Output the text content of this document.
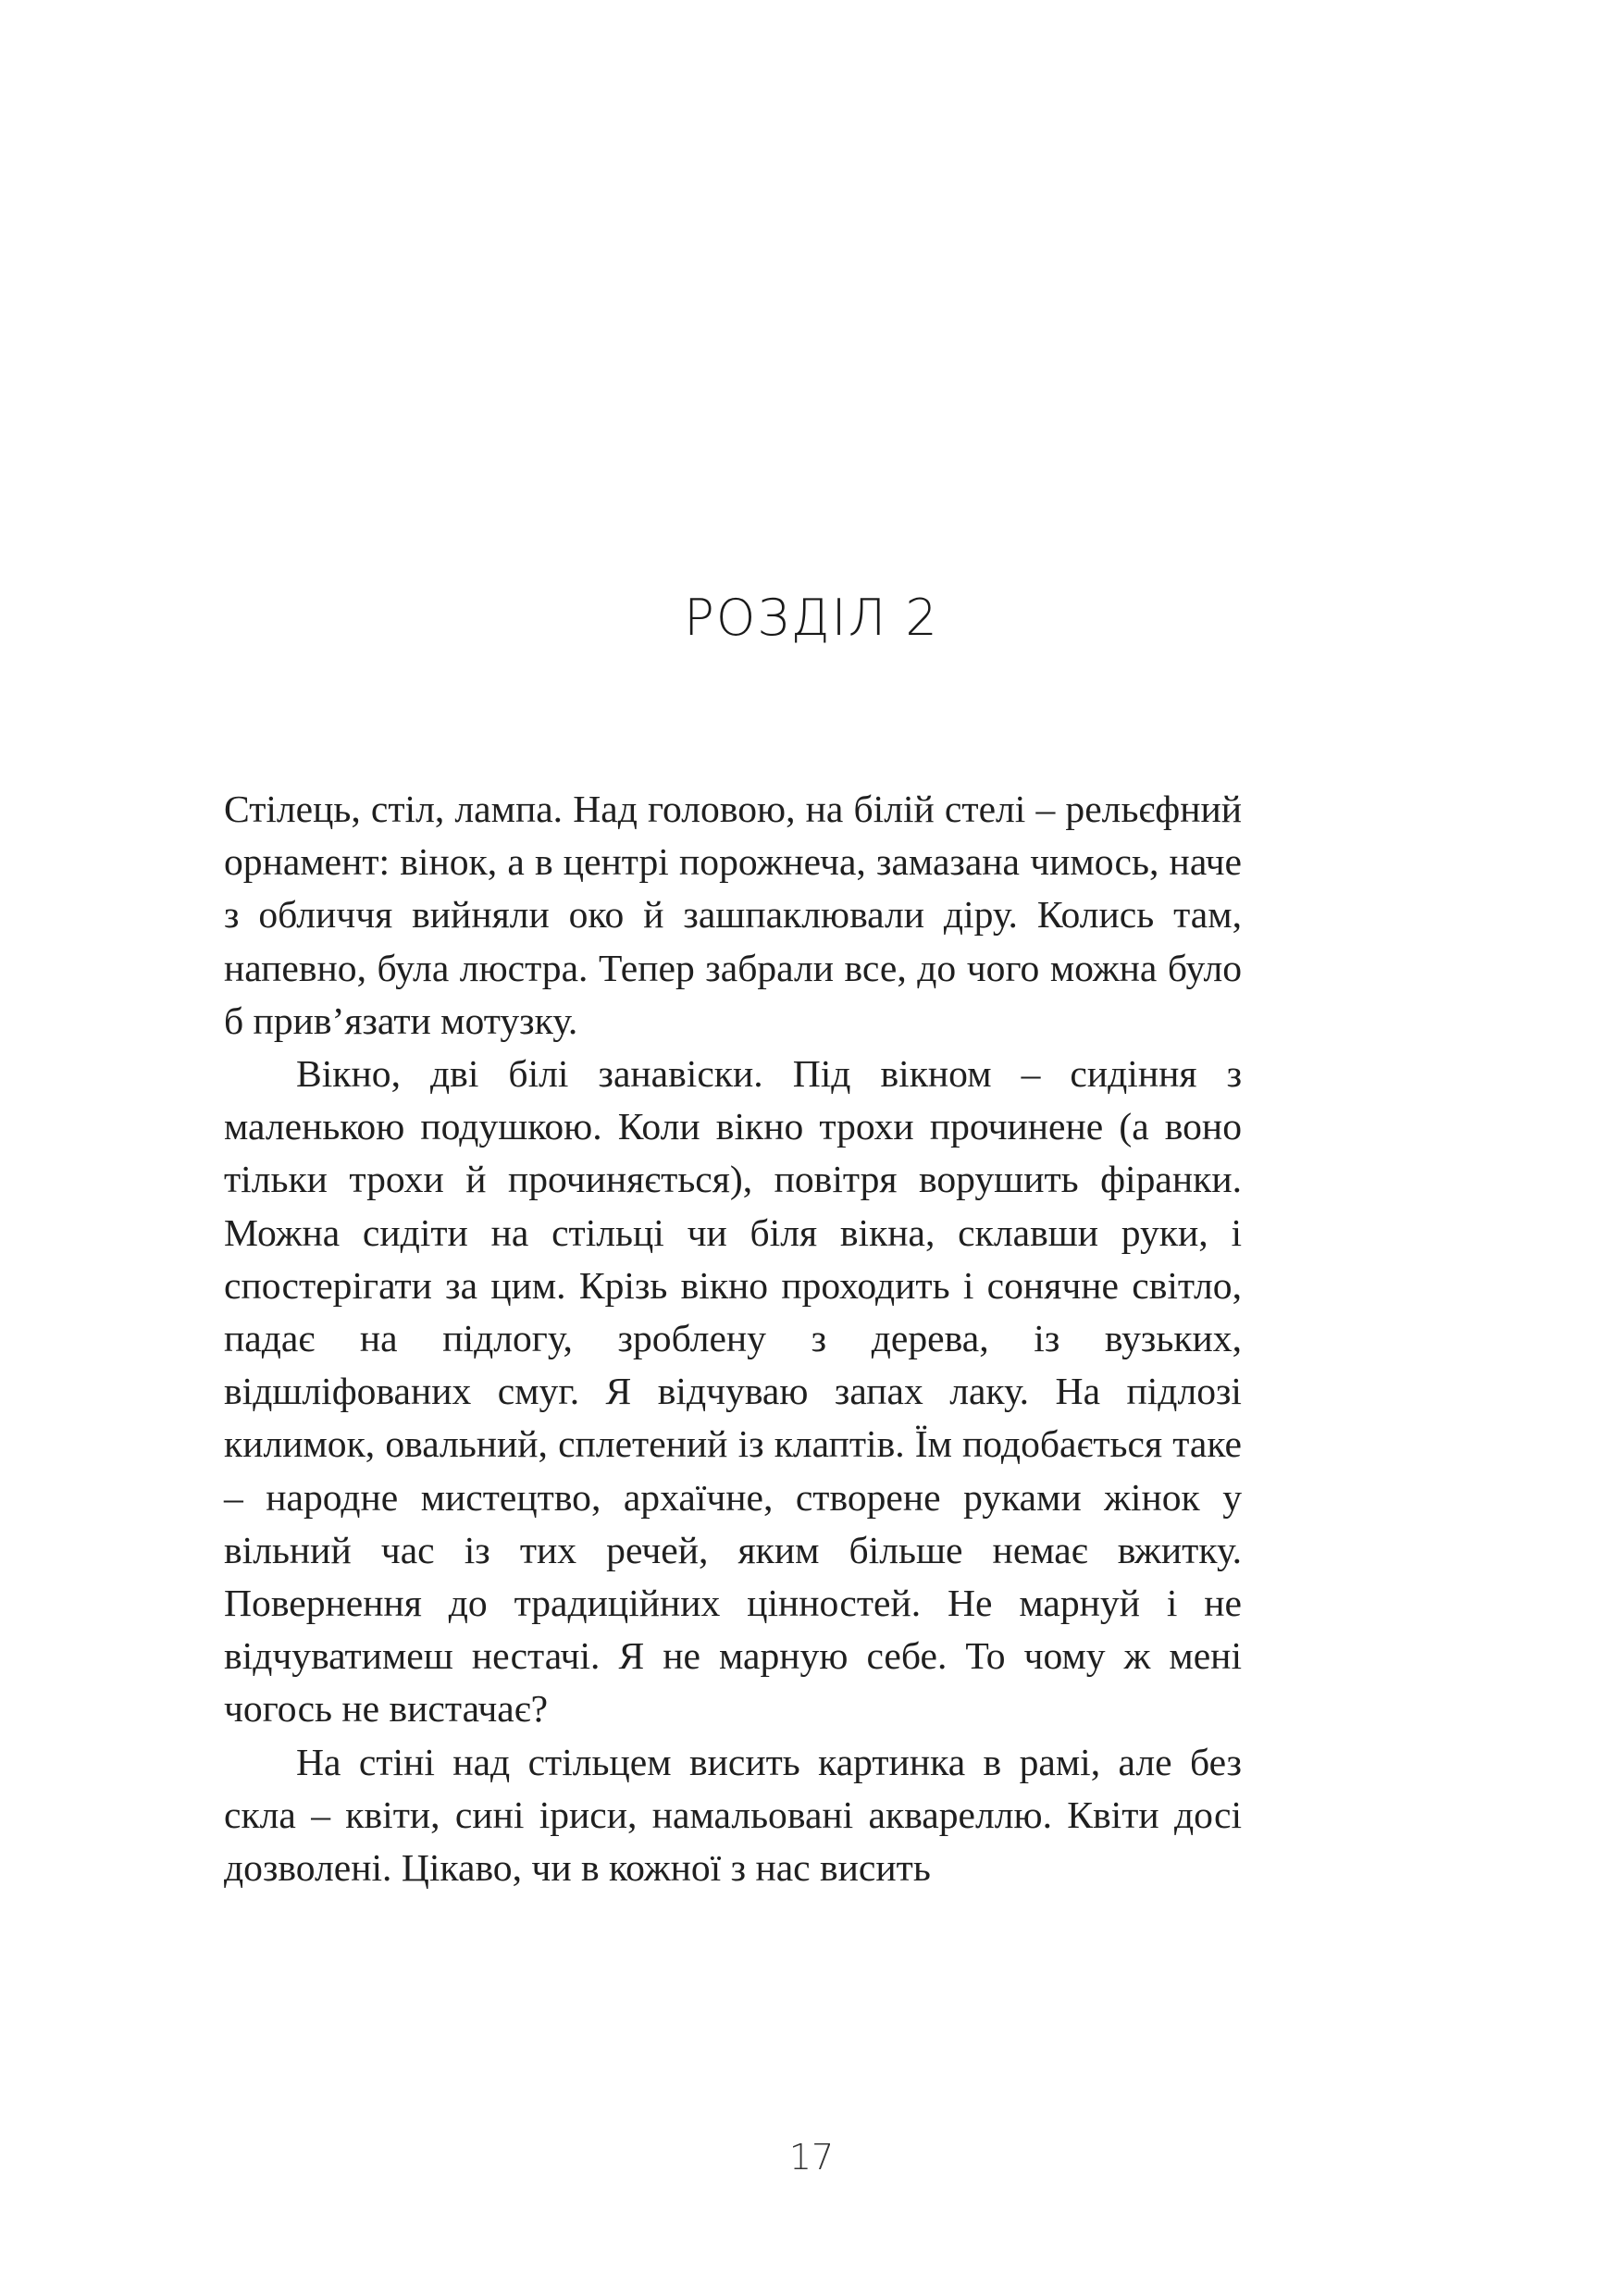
РОЗДІЛ 2

Стілець, стіл, лампа. Над головою, на білій стелі – рельєфний орнамент: вінок, а в центрі порожнеча, замазана чимось, наче з обличчя вийняли око й зашпаклювали діру. Колись там, напевно, була люстра. Тепер забрали все, до чого можна було б прив’язати мотузку.

Вікно, дві білі занавіски. Під вікном – сидіння з маленькою подушкою. Коли вікно трохи прочинене (а воно тільки трохи й прочиняється), повітря ворушить фіранки. Можна сидіти на стільці чи біля вікна, склавши руки, і спостерігати за цим. Крізь вікно проходить і сонячне світло, падає на підлогу, зроблену з дерева, із вузьких, відшліфованих смуг. Я відчуваю запах лаку. На підлозі килимок, овальний, сплетений із клаптів. Їм подобається таке – народне мистецтво, архаїчне, створене руками жінок у вільний час із тих речей, яким більше немає вжитку. Повернення до традиційних цінностей. Не марнуй і не відчуватимеш нестачі. Я не марную себе. То чому ж мені чогось не вистачає?

На стіні над стільцем висить картинка в рамі, але без скла – квіти, сині іриси, намальовані аквареллю. Квіти досі дозволені. Цікаво, чи в кожної з нас висить

17
